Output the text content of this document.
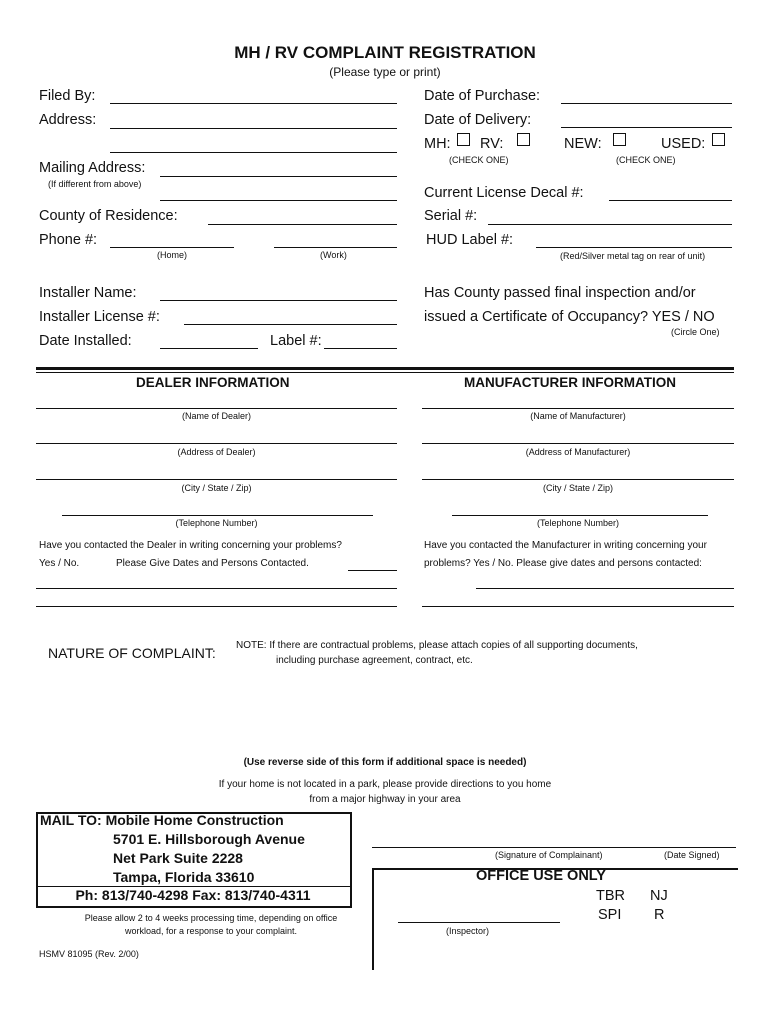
MH / RV COMPLAINT REGISTRATION
(Please type or print)
Filed By:
Address:
Mailing Address:
(If different from above)
County of Residence:
Phone #:
(Home)	(Work)
Installer Name:
Installer License #:
Date Installed:	Label #:
Date of Purchase:
Date of Delivery:
MH: RV:	NEW:	USED:
(CHECK ONE)	(CHECK ONE)
Current License Decal #:
Serial #:
HUD Label #:
(Red/Silver metal tag on rear of unit)
Has County passed final inspection and/or
issued a Certificate of Occupancy? YES / NO
(Circle One)
DEALER INFORMATION
(Name of Dealer)
(Address of Dealer)
(City / State / Zip)
(Telephone Number)
Have you contacted the Dealer in writing concerning your problems?
Yes / No.	Please Give Dates and Persons Contacted.
MANUFACTURER INFORMATION
(Name of Manufacturer)
(Address of Manufacturer)
(City / State / Zip)
(Telephone Number)
Have you contacted the Manufacturer in writing concerning your
problems? Yes / No. Please give dates and persons contacted:
NATURE OF COMPLAINT: NOTE: If there are contractual problems, please attach copies of all supporting documents,
including purchase agreement, contract, etc.
(Use reverse side of this form if additional space is needed)
If your home is not located in a park, please provide directions to you home
from a major highway in your area
MAIL TO: Mobile Home Construction
5701 E. Hillsborough Avenue
Net Park Suite 2228
Tampa, Florida 33610
Ph: 813/740-4298 Fax: 813/740-4311
Please allow 2 to 4 weeks processing time, depending on office
workload, for a response to your complaint.
HSMV 81095 (Rev. 2/00)
(Signature of Complainant)	(Date Signed)
OFFICE USE ONLY
TBR NJ
SPI R
(Inspector)
